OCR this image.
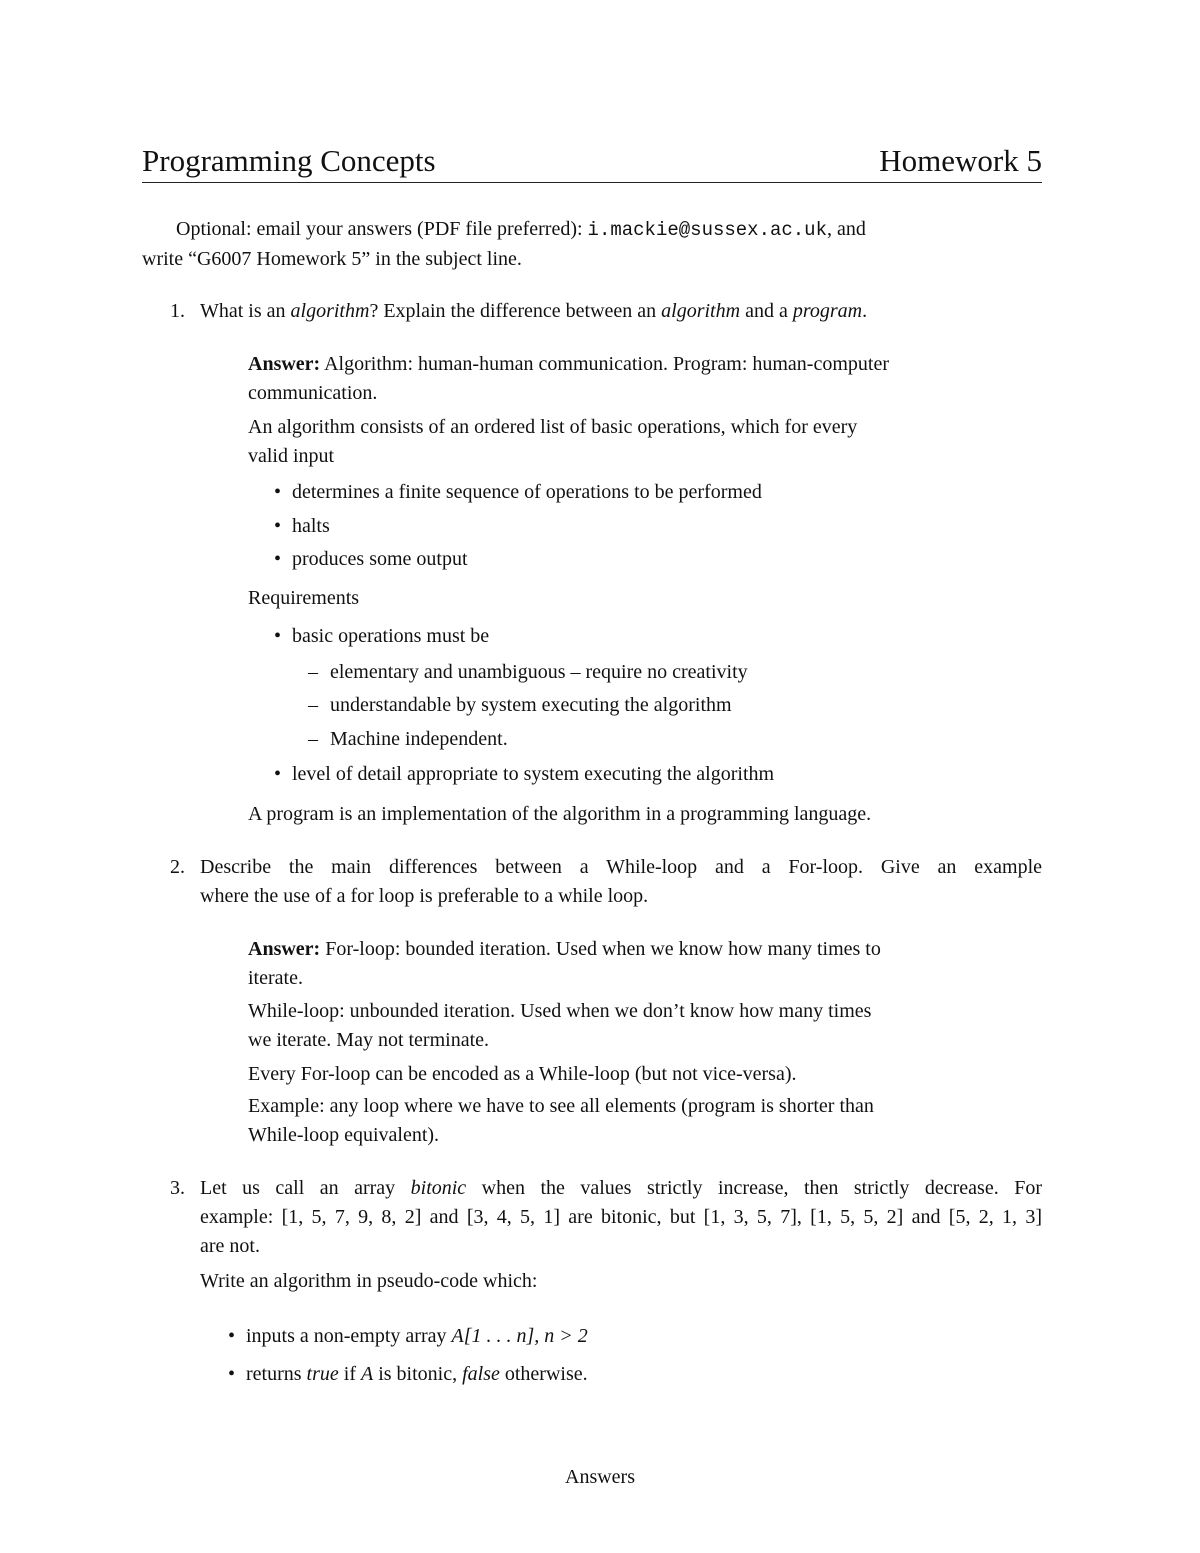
Programming Concepts	Homework 5
Optional: email your answers (PDF file preferred): i.mackie@sussex.ac.uk, and
write “G6007 Homework 5” in the subject line.
1. What is an algorithm? Explain the difference between an algorithm and a program.
Answer: Algorithm: human-human communication. Program: human-computer
communication.
An algorithm consists of an ordered list of basic operations, which for every
valid input
• determines a finite sequence of operations to be performed
• halts
• produces some output
Requirements
• basic operations must be
– elementary and unambiguous – require no creativity
– understandable by system executing the algorithm
– Machine independent.
• level of detail appropriate to system executing the algorithm
A program is an implementation of the algorithm in a programming language.
2. Describe the main differences between a While-loop and a For-loop. Give an example
where the use of a for loop is preferable to a while loop.
Answer: For-loop: bounded iteration. Used when we know how many times to
iterate.
While-loop: unbounded iteration. Used when we don’t know how many times
we iterate. May not terminate.
Every For-loop can be encoded as a While-loop (but not vice-versa).
Example: any loop where we have to see all elements (program is shorter than
While-loop equivalent).
3. Let us call an array bitonic when the values strictly increase, then strictly decrease. For
example: [1, 5, 7, 9, 8, 2] and [3, 4, 5, 1] are bitonic, but [1, 3, 5, 7], [1, 5, 5, 2] and [5, 2, 1, 3]
are not.
Write an algorithm in pseudo-code which:
• inputs a non-empty array A[1 . . . n], n > 2
• returns true if A is bitonic, false otherwise.
Answers
